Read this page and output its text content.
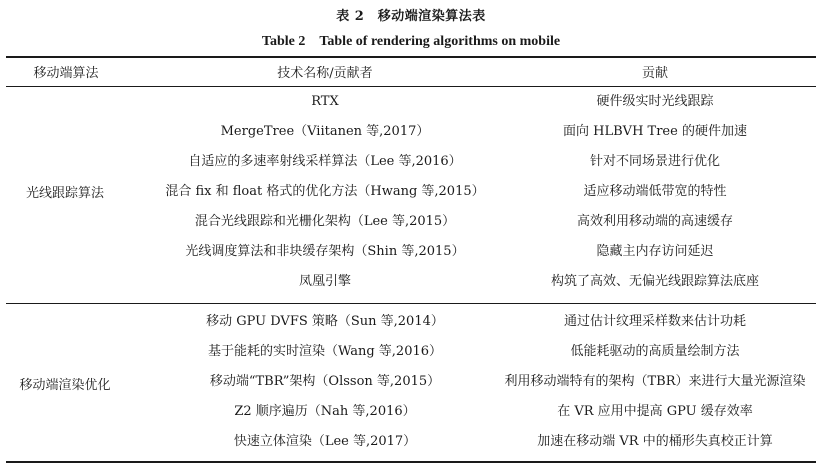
表 2　移动端渲染算法表
Table 2　Table of rendering algorithms on mobile
移动端算法	技术名称/贡献者	贡献
光线跟踪算法
RTX	硬件级实时光线跟踪
MergeTree（Viitanen 等,2017）	面向 HLBVH Tree 的硬件加速
自适应的多速率射线采样算法（Lee 等,2016）	针对不同场景进行优化
混合 fix 和 float 格式的优化方法（Hwang 等,2015）	适应移动端低带宽的特性
混合光线跟踪和光栅化架构（Lee 等,2015）	高效利用移动端的高速缓存
光线调度算法和非块缓存架构（Shin 等,2015）	隐藏主内存访问延迟
凤凰引擎	构筑了高效、无偏光线跟踪算法底座
移动端渲染优化
移动 GPU DVFS 策略（Sun 等,2014）	通过估计纹理采样数来估计功耗
基于能耗的实时渲染（Wang 等,2016）	低能耗驱动的高质量绘制方法
移动端“TBR”架构（Olsson 等,2015）	利用移动端特有的架构（TBR）来进行大量光源渲染
Z2 顺序遍历（Nah 等,2016）	在 VR 应用中提高 GPU 缓存效率
快速立体渲染（Lee 等,2017）	加速在移动端 VR 中的桶形失真校正计算
